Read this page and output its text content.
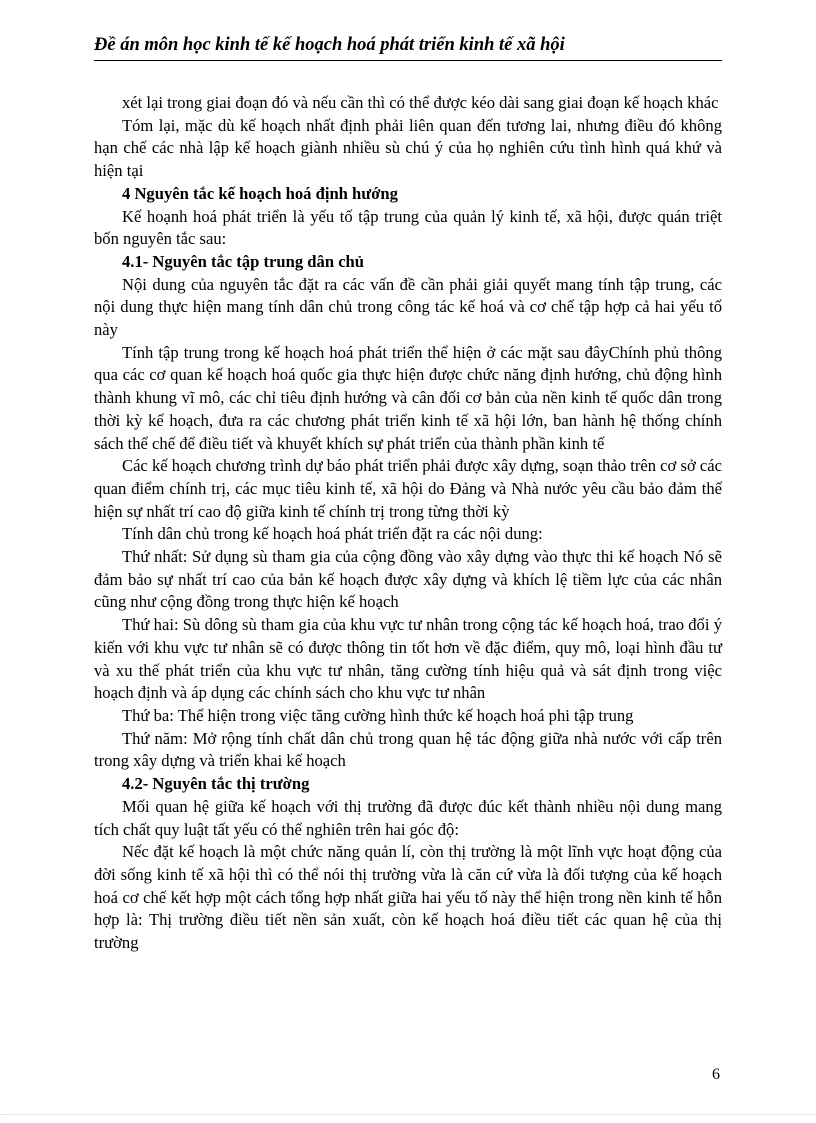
Đề án môn học kinh tế kế hoạch hoá phát triển kinh tế xã hội

xét lại trong giai đoạn đó và nếu cần thì có thể được kéo dài sang giai đoạn kế hoạch khác

Tóm lại, mặc dù kế hoạch nhất định phải liên quan đến tương lai, nhưng điều đó không hạn chế các nhà lập kế hoạch giành nhiều sù chú ý của họ nghiên cứu tình hình quá khứ và hiện tại

4 Nguyên tắc kế hoạch hoá định hướng

Kế hoạnh hoá phát triển là yếu tố tập trung của quản lý kinh tế, xã hội, được quán triệt bốn nguyên tắc sau:

4.1- Nguyên tắc tập trung dân chủ

Nội dung của nguyên tắc đặt ra các vấn đề cần phải giải quyết mang tính tập trung, các nội dung thực hiện mang tính dân chủ trong công tác kế hoá và cơ chế tập hợp cả hai yếu tố này

Tính tập trung trong kế hoạch hoá phát triển thể hiện ở các mặt sau đâyChính phủ thông qua các cơ quan kế hoạch hoá quốc gia thực hiện được chức năng định hướng, chủ động hình thành khung vĩ mô, các chỉ tiêu định hướng và cân đối cơ bản của nền kinh tế quốc dân trong thời kỳ kế hoạch, đưa ra các chương phát triển kinh tế xã hội lớn, ban hành hệ thống chính sách thể chế để điều tiết và khuyết khích sự phát triển của thành phần kinh tế

Các kế hoạch chương trình dự báo phát triển phải được xây dựng, soạn thảo trên cơ sở các quan điểm chính trị, các mục tiêu kinh tế, xã hội do Đảng và Nhà nước yêu cầu bảo đảm thể hiện sự nhất trí cao độ giữa kinh tế chính trị trong từng thời kỳ

Tính dân chủ trong kế hoạch hoá phát triển đặt ra các nội dung:

Thứ nhất: Sử dụng sù tham gia của cộng đồng vào xây dựng vào thực thi kế hoạch Nó sẽ đảm bảo sự nhất trí cao của bản kế hoạch được xây dựng và khích lệ tiềm lực của các nhân cũng như cộng đồng trong thực hiện kế hoạch

Thứ hai: Sù dông sù tham gia của khu vực tư nhân trong cộng tác kế hoạch hoá, trao đổi ý kiến với khu vực tư nhân sẽ có được thông tin tốt hơn về đặc điểm, quy mô, loại hình đầu tư và xu thế phát triển của khu vực tư nhân, tăng cường tính hiệu quả và sát định trong việc hoạch định và áp dụng các chính sách cho khu vực tư nhân

Thứ ba: Thể hiện trong việc tăng cường hình thức kế hoạch hoá phi tập trung

Thứ năm: Mở rộng tính chất dân chủ trong quan hệ tác động giữa nhà nước với cấp trên trong xây dựng và triển khai kế hoạch

4.2- Nguyên tắc thị trường

Mối quan hệ giữa kế hoạch với thị trường đã được đúc kết thành nhiều nội dung mang tích chất quy luật tất yếu có thể nghiên trên hai góc độ:

Nếc đặt kế hoạch là một chức năng quản lí, còn thị trường là một lĩnh vực hoạt động của đời sống kinh tế xã hội thì có thể nói thị trường vừa là căn cứ vừa là đối tượng của kế hoạch hoá cơ chế kết hợp một cách tổng hợp nhất giữa hai yếu tố này thể hiện trong nền kinh tế hỗn hợp là: Thị trường điều tiết nền sản xuất, còn kế hoạch hoá điều tiết các quan hệ của thị trường

6
